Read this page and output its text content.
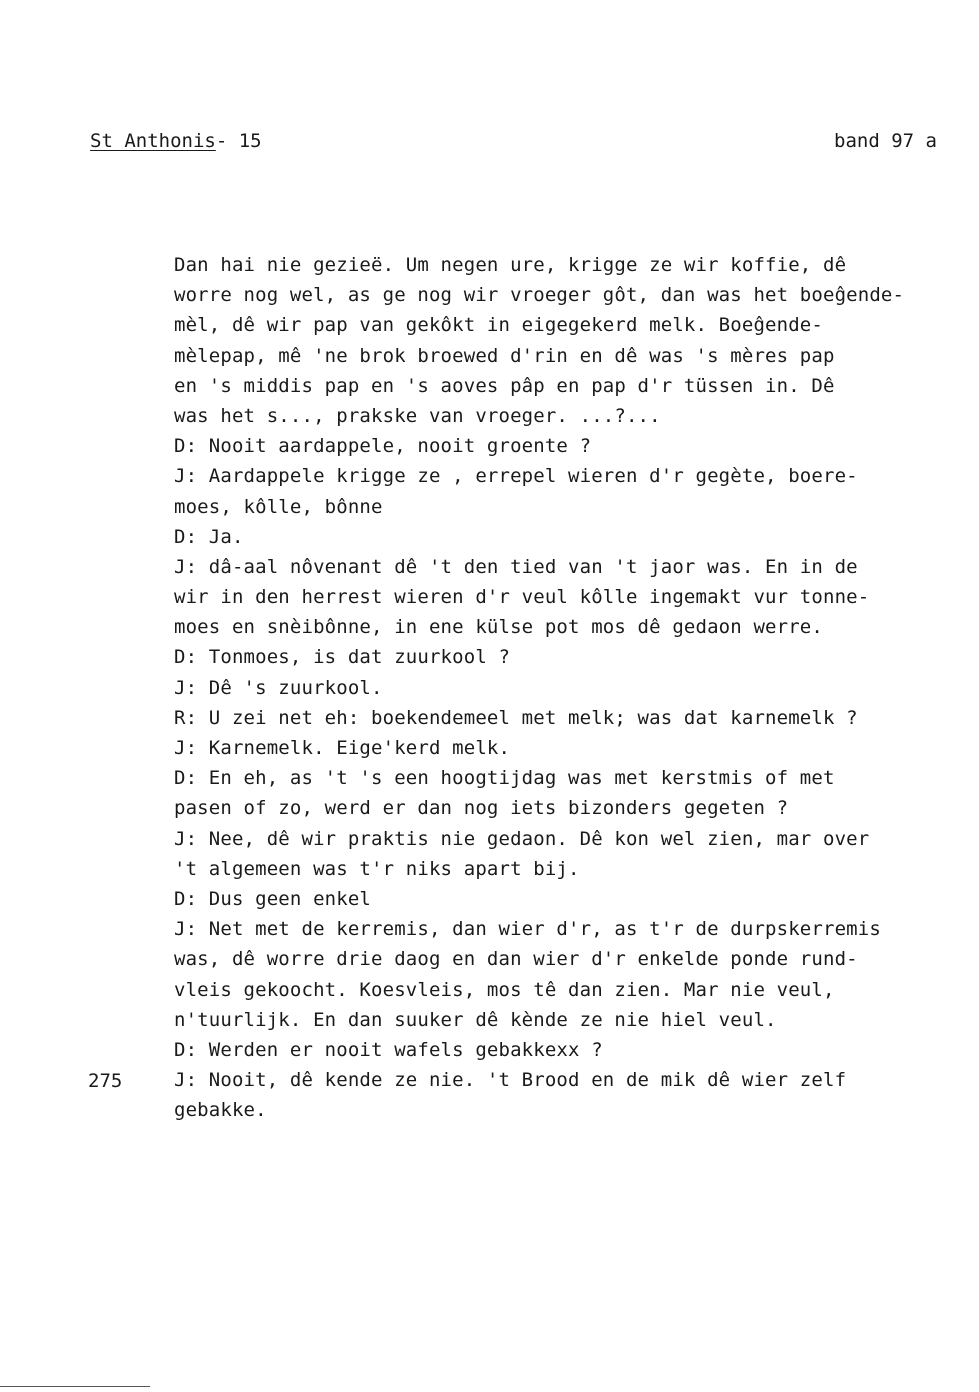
St Anthonis- 15	band 97 a
Dan hai nie gezieë. Um negen ure, krigge ze wir koffie, dê
worre nog wel, as ge nog wir vroeger gôt, dan was het boeĝende-
mèl, dê wir pap van gekôkt in eigegekerd melk. Boeĝende-
mèlepap, mê 'ne brok broewed d'rin en dê was 's mères pap
en 's middis pap en 's aoves pâp en pap d'r tüssen in. Dê
was het s..., prakske van vroeger. ...?...
D: Nooit aardappele, nooit groente ?
J: Aardappele krigge ze , errepel wieren d'r gegète, boere-
moes, kôlle, bônne
D: Ja.
J: dâ-aal nôvenant dê 't den tied van 't jaor was. En in de
wir in den herrest wieren d'r veul kôlle ingemakt vur tonne-
moes en snèibônne, in ene külse pot mos dê gedaon werre.
D: Tonmoes, is dat zuurkool ?
J: Dê 's zuurkool.
R: U zei net eh: boekendemeel met melk; was dat karnemelk ?
J: Karnemelk. Eige'kerd melk.
D: En eh, as 't 's een hoogtijdag was met kerstmis of met
pasen of zo, werd er dan nog iets bizonders gegeten ?
J: Nee, dê wir praktis nie gedaon. Dê kon wel zien, mar over
't algemeen was t'r niks apart bij.
D: Dus geen enkel
J: Net met de kerremis, dan wier d'r, as t'r de durpskerremis
was, dê worre drie daog en dan wier d'r enkelde ponde rund-
vleis gekoocht. Koesvleis, mos tê dan zien. Mar nie veul,
n'tuurlijk. En dan suuker dê kènde ze nie hiel veul.
D: Werden er nooit wafels gebakkexx ?
J: Nooit, dê kende ze nie. 't Brood en de mik dê wier zelf
gebakke.
275
